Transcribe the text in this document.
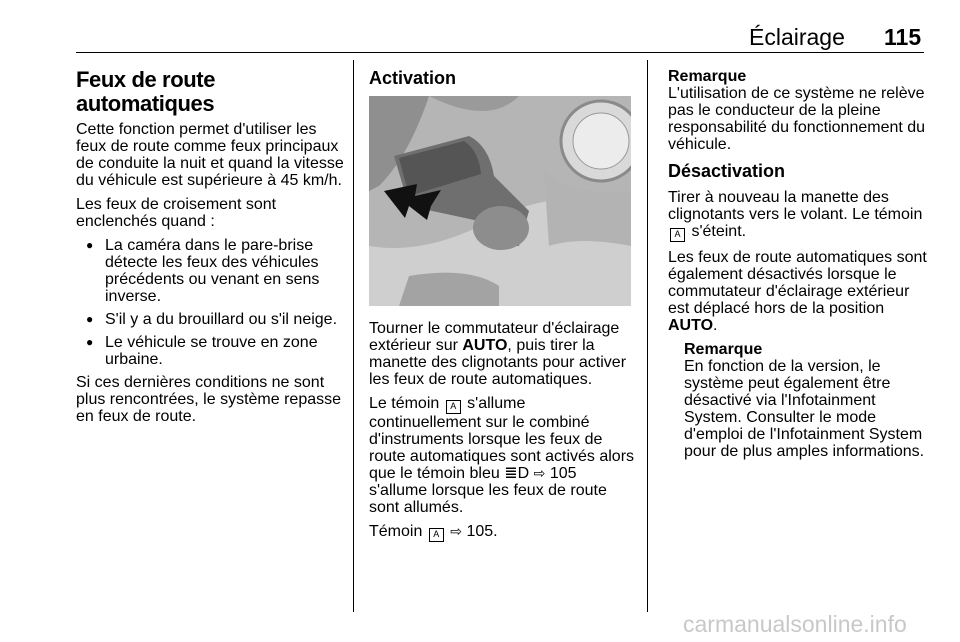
Éclairage 115
Feux de route automatiques

Cette fonction permet d'utiliser les feux de route comme feux principaux de conduite la nuit et quand la vitesse du véhicule est supérieure à 45 km/h.

Les feux de croisement sont enclenchés quand :

● La caméra dans le pare-brise détecte les feux des véhicules précédents ou venant en sens inverse.
● S'il y a du brouillard ou s'il neige.
● Le véhicule se trouve en zone urbaine.

Si ces dernières conditions ne sont plus rencontrées, le système repasse en feux de route.

Activation

Tourner le commutateur d'éclairage extérieur sur AUTO, puis tirer la manette des clignotants pour activer les feux de route automatiques.

Le témoin A s'allume continuellement sur le combiné d'instruments lorsque les feux de route automatiques sont activés alors que le témoin bleu ≣D ⇨ 105 s'allume lorsque les feux de route sont allumés.

Témoin A ⇨ 105.

Remarque
L'utilisation de ce système ne relève pas le conducteur de la pleine responsabilité du fonctionnement du véhicule.
Désactivation

Tirer à nouveau la manette des clignotants vers le volant. Le témoin A s'éteint.

Les feux de route automatiques sont également désactivés lorsque le commutateur d'éclairage extérieur est déplacé hors de la position AUTO.

Remarque
En fonction de la version, le système peut également être désactivé via l'Infotainment System. Consulter le mode d'emploi de l'Infotainment System pour de plus amples informations.
carmanualsonline.info
